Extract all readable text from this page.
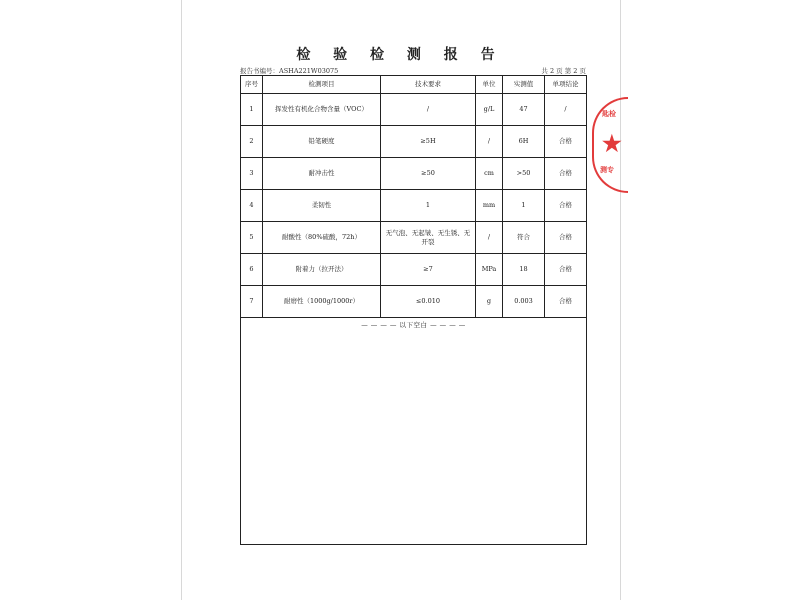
检 验 检 测 报 告
报告书编号：ASHA221W03075	共 2 页 第 2 页
序号	检测项目	技术要求	单位	实测值	单项结论
1	挥发性有机化合物含量（VOC）	/	g/L	47	/
2	铅笔硬度	≥5H	/	6H	合格
3	耐冲击性	≥50	cm	>50	合格
4	柔韧性	1	mm	1	合格
5	耐酸性（80%硫酸，72h）	无气泡、无起皱、无生锈、无开裂	/	符合	合格
6	附着力（拉开法）	≥7	MPa	18	合格
7	耐磨性（1000g/1000r）	≤0.010	g	0.003	合格

— — — — 以下空白 — — — —					
匙检
★
测专
